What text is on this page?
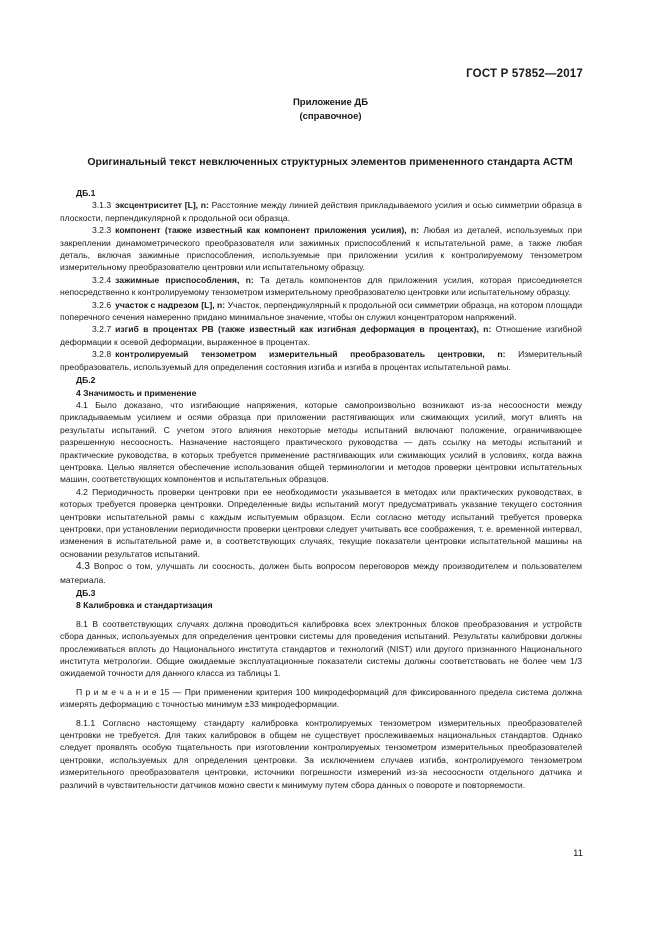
ГОСТ Р 57852—2017
Приложение ДБ
(справочное)
Оригинальный текст невключенных структурных элементов примененного стандарта АСТМ

ДБ.1

3.1.3 эксцентриситет [L], n: Расстояние между линией действия прикладываемого усилия и осью симметрии образца в плоскости, перпендикулярной к продольной оси образца.

3.2.3 компонент (также известный как компонент приложения усилия), n: Любая из деталей, используемых при закреплении динамометрического преобразователя или зажимных приспособлений к испытательной раме, а также любая деталь, включая зажимные приспособления, используемые при приложении усилия к контролируемому тензометром измерительному преобразователю центровки или испытательному образцу.

3.2.4 зажимные приспособления, n: Та деталь компонентов для приложения усилия, которая присоединяется непосредственно к контролируемому тензометром измерительному преобразователю центровки или испытательному образцу.

3.2.6 участок с надрезом [L], n: Участок, перпендикулярный к продольной оси симметрии образца, на котором площади поперечного сечения намеренно придано минимальное значение, чтобы он служил концентратором напряжений.

3.2.7 изгиб в процентах РВ (также известный как изгибная деформация в процентах), n: Отношение изгибной деформации к осевой деформации, выраженное в процентах.

3.2.8 контролируемый тензометром измерительный преобразователь центровки, n: Измерительный преобразователь, используемый для определения состояния изгиба и изгиба в процентах испытательной рамы.

ДБ.2

4 Значимость и применение

4.1 Было доказано, что изгибающие напряжения, которые самопроизвольно возникают из-за несоосности между прикладываемым усилием и осями образца при приложении растягивающих или сжимающих усилий, могут влиять на результаты испытаний. С учетом этого влияния некоторые методы испытаний включают положение, ограничивающее разрешенную несоосность. Назначение настоящего практического руководства — дать ссылку на методы испытаний и практические руководства, в которых требуется применение растягивающих или сжимающих усилий в условиях, когда важна центровка. Целью является обеспечение использования общей терминологии и методов проверки центровки испытательных машин, соответствующих компонентов и испытательных образцов.

4.2 Периодичность проверки центровки при ее необходимости указывается в методах или практических руководствах, в которых требуется проверка центровки. Определенные виды испытаний могут предусматривать указание текущего состояния центровки испытательной рамы с каждым испытуемым образцом. Если согласно методу испытаний требуется проверка центровки, при установлении периодичности проверки центровки следует учитывать все соображения, т. е. временной интервал, изменения в испытательной раме и, в соответствующих случаях, текущие показатели центровки испытательной машины на основании результатов испытаний.

4.3 Вопрос о том, улучшать ли соосность, должен быть вопросом переговоров между производителем и пользователем материала.

ДБ.3

8 Калибровка и стандартизация

8.1 В соответствующих случаях должна проводиться калибровка всех электронных блоков преобразования и устройств сбора данных, используемых для определения центровки системы для проведения испытаний. Результаты калибровки должны прослеживаться вплоть до Национального института стандартов и технологий (NIST) или другого признанного Национального института метрологии. Общие ожидаемые эксплуатационные показатели системы должны соответствовать не более чем 1/3 ожидаемой точности для данного класса из таблицы 1.

П р и м е ч а н и е 15 — При применении критерия 100 микродеформаций для фиксированного предела система должна измерять деформацию с точностью минимум ±33 микродеформации.

8.1.1 Согласно настоящему стандарту калибровка контролируемых тензометром измерительных преобразователей центровки не требуется. Для таких калибровок в общем не существует прослеживаемых национальных стандартов. Однако следует проявлять особую тщательность при изготовлении контролируемых тензометром измерительных преобразователей центровки, используемых для определения центровки. За исключением случаев изгиба, контролируемого тензометром измерительного преобразователя центровки, источники погрешности измерений из-за несоосности отдельного датчика и различий в чувствительности датчиков можно свести к минимуму путем сбора данных о повороте и повторяемости.

11
